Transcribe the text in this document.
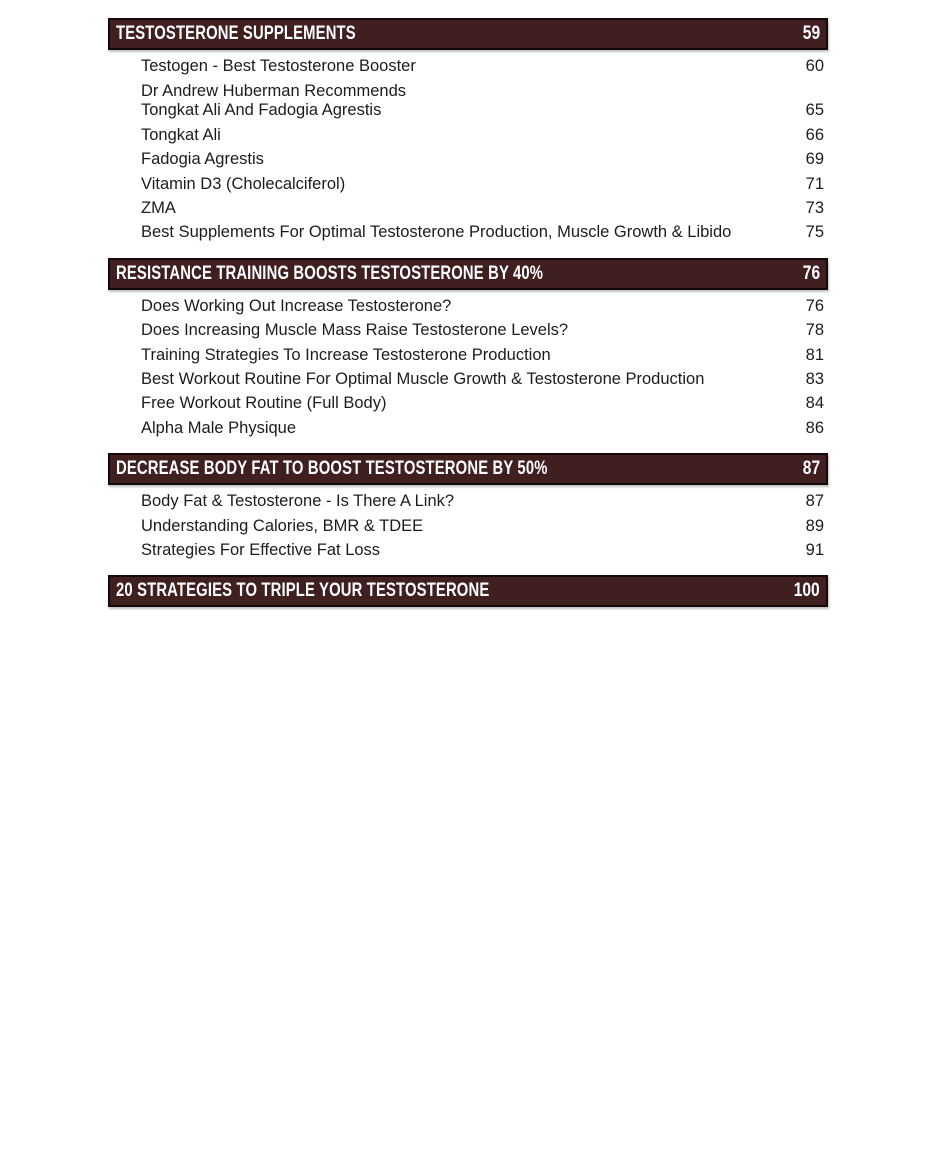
TESTOSTERONE SUPPLEMENTS	59
Testogen - Best Testosterone Booster	60
Dr Andrew Huberman Recommends
Tongkat Ali And Fadogia Agrestis	65
Tongkat Ali	66
Fadogia Agrestis	69
Vitamin D3 (Cholecalciferol)	71
ZMA	73
Best Supplements For Optimal Testosterone Production, Muscle Growth & Libido	75
RESISTANCE TRAINING BOOSTS TESTOSTERONE BY 40%	76
Does Working Out Increase Testosterone?	76
Does Increasing Muscle Mass Raise Testosterone Levels?	78
Training Strategies To Increase Testosterone Production	81
Best Workout Routine For Optimal Muscle Growth & Testosterone Production	83
Free Workout Routine (Full Body)	84
Alpha Male Physique	86
DECREASE BODY FAT TO BOOST TESTOSTERONE BY 50%	87
Body Fat & Testosterone - Is There A Link?	87
Understanding Calories, BMR & TDEE	89
Strategies For Effective Fat Loss	91
20 STRATEGIES TO TRIPLE YOUR TESTOSTERONE	100
